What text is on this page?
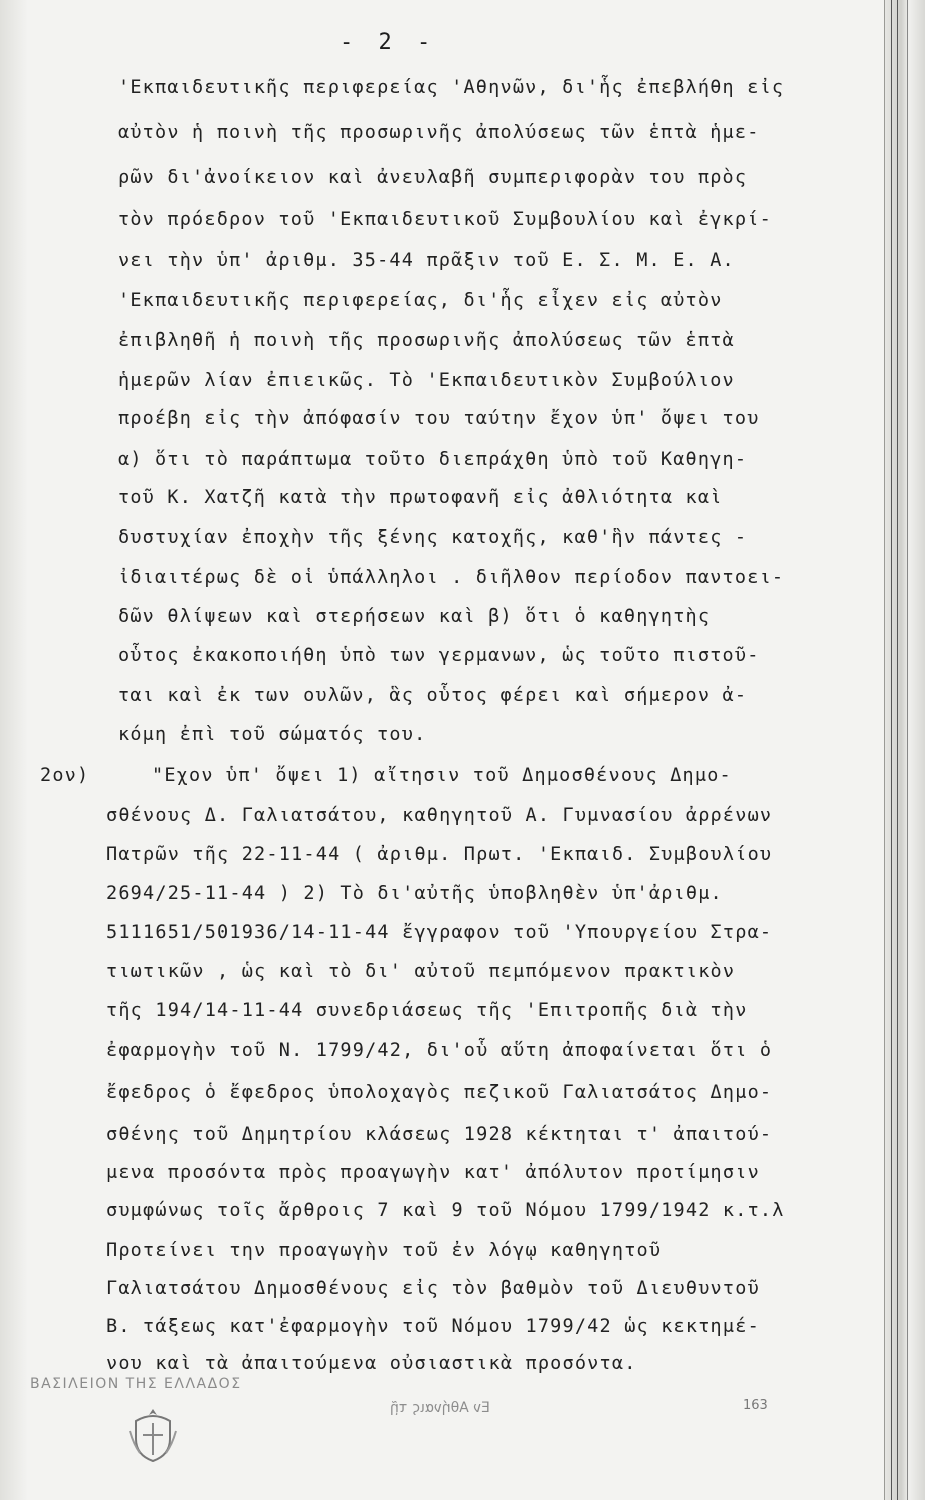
- 2 -
'Εκπαιδευτικῆς περιφερείας 'Αθηνῶν, δι'ἧς ἐπεβλήθη εἰς
αὐτὸν ἡ ποινὴ τῆς προσωρινῆς ἀπολύσεως τῶν ἑπτὰ ἡμε-
ρῶν δι'ἀνοίκειον καὶ ἀνευλαβῆ συμπεριφορὰν του πρὸς
τὸν πρόεδρον τοῦ 'Εκπαιδευτικοῦ Συμβουλίου καὶ ἐγκρί-
νει τὴν ὑπ' ἀριθμ. 35-44 πρᾶξιν τοῦ Ε. Σ. Μ. Ε. Α.
'Εκπαιδευτικῆς περιφερείας, δι'ἧς εἶχεν εἰς αὐτὸν
ἐπιβληθῆ ἡ ποινὴ τῆς προσωρινῆς ἀπολύσεως τῶν ἑπτὰ
ἡμερῶν λίαν ἐπιεικῶς. Τὸ 'Εκπαιδευτικὸν Συμβούλιον
προέβη εἰς τὴν ἀπόφασίν του ταύτην ἔχον ὑπ' ὄψει του
α) ὅτι τὸ παράπτωμα τοῦτο διεπράχθη ὑπὸ τοῦ Καθηγη-
τοῦ Κ. Χατζῆ κατὰ τὴν πρωτοφανῆ εἰς ἀθλιότητα καὶ
δυστυχίαν ἐποχὴν τῆς ξένης κατοχῆς, καθ'ἣν πάντες -
ἰδιαιτέρως δὲ οἱ ὑπάλληλοι . διῆλθον περίοδον παντοει-
δῶν θλίψεων καὶ στερήσεων καὶ β) ὅτι ὁ καθηγητὴς
οὗτος ἐκακοποιήθη ὑπὸ των γερμανων, ὡς τοῦτο πιστοῦ-
ται καὶ ἐκ των ουλῶν, ἃς οὗτος φέρει καὶ σήμερον ἀ-
κόμη ἐπὶ τοῦ σώματός του.
2ον)	"Εχον ὑπ' ὄψει 1) αἴτησιν τοῦ Δημοσθένους Δημο-
σθένους Δ. Γαλιατσάτου, καθηγητοῦ Α. Γυμνασίου ἀρρένων
Πατρῶν τῆς 22-11-44 ( ἀριθμ. Πρωτ. 'Εκπαιδ. Συμβουλίου
2694/25-11-44 ) 2) Τὸ δι'αὐτῆς ὑποβληθὲν ὑπ'ἀριθμ.
5111651/501936/14-11-44 ἔγγραφον τοῦ 'Υπουργείου Στρα-
τιωτικῶν , ὡς καὶ τὸ δι' αὐτοῦ πεμπόμενον πρακτικὸν
τῆς 194/14-11-44 συνεδριάσεως τῆς 'Επιτροπῆς διὰ τὴν
ἐφαρμογὴν τοῦ Ν. 1799/42, δι'οὗ αὕτη ἀποφαίνεται ὅτι ὁ
ἔφεδρος ὁ ἔφεδρος ὑπολοχαγὸς πεζικοῦ Γαλιατσάτος Δημο-
σθένης τοῦ Δημητρίου κλάσεως 1928 κέκτηται τ' ἀπαιτού-
μενα προσόντα πρὸς προαγωγὴν κατ' ἀπόλυτον προτίμησιν
συμφώνως τοῖς ἄρθροις 7 καὶ 9 τοῦ Νόμου 1799/1942 κ.τ.λ
Προτείνει την προαγωγὴν τοῦ ἐν λόγῳ καθηγητοῦ
Γαλιατσάτου Δημοσθένους εἰς τὸν βαθμὸν τοῦ Διευθυντοῦ
Β. τάξεως κατ'ἐφαρμογὴν τοῦ Νόμου 1799/42 ὡς κεκτημέ-
νου καὶ τὰ ἀπαιτούμενα οὐσιαστικὰ προσόντα.
ΒΑΣΙΛΕΙΟΝ ΤΗΣ ΕΛΛΑΔΟΣ
Εν Αθήναις τῇ	163
